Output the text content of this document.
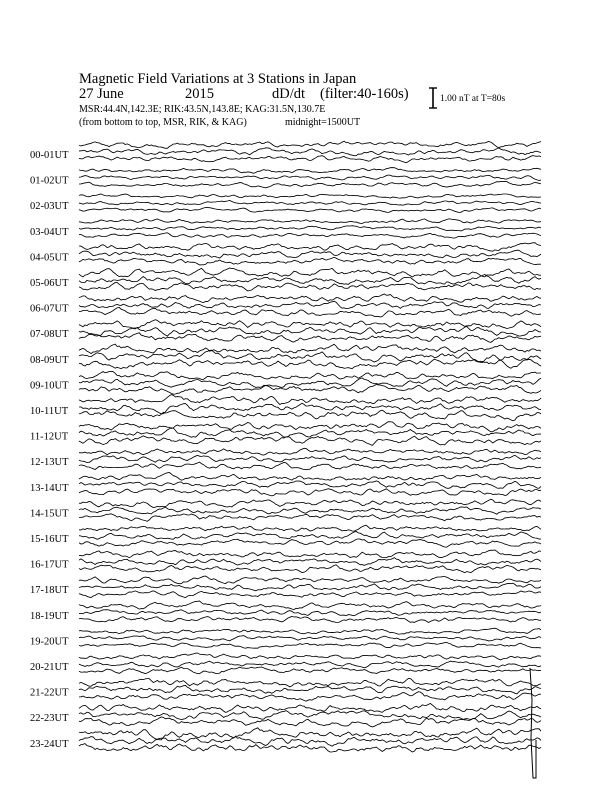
Magnetic Field Variations at 3 Stations in Japan
27 June	2015	dD/dt (filter:40-160s)
MSR:44.4N,142.3E; RIK:43.5N,143.8E; KAG:31.5N,130.7E
(from bottom to top, MSR, RIK, & KAG)	midnight=1500UT
1.00 nT at T=80s
00-01UT
01-02UT
02-03UT
03-04UT
04-05UT
05-06UT
06-07UT
07-08UT
08-09UT
09-10UT
10-11UT
11-12UT
12-13UT
13-14UT
14-15UT
15-16UT
16-17UT
17-18UT
18-19UT
19-20UT
20-21UT
21-22UT
22-23UT
23-24UT
